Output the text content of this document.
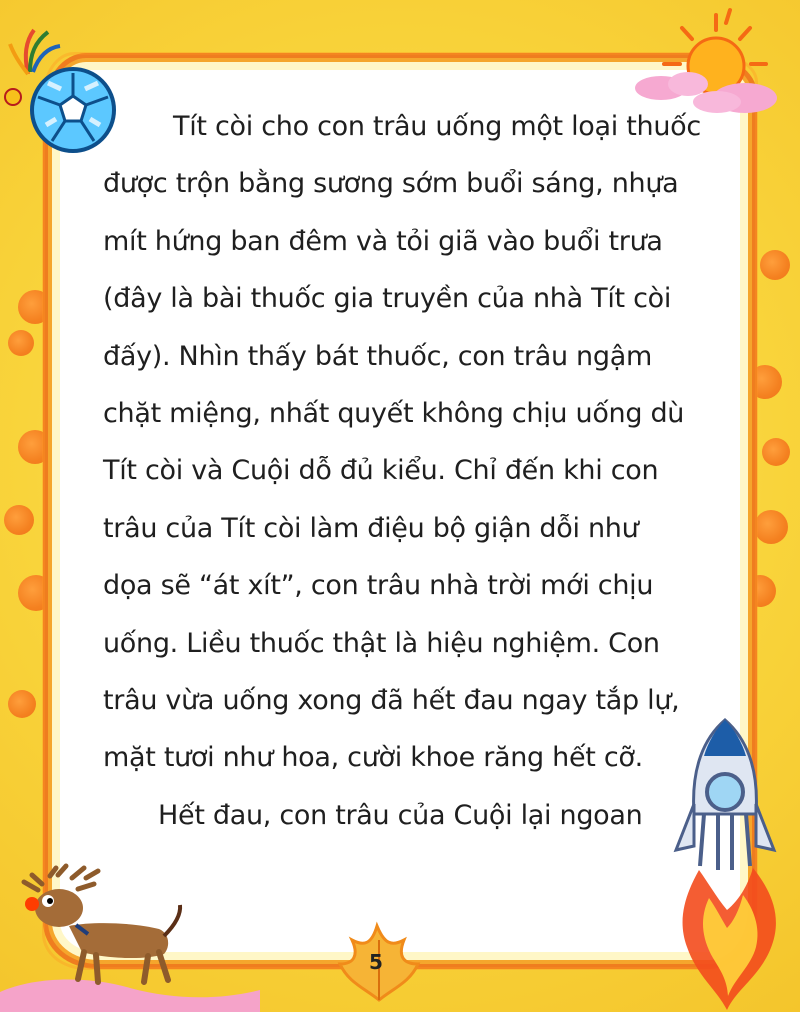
Tít còi cho con trâu uống một loại thuốc
được trộn bằng sương sớm buổi sáng, nhựa
mít hứng ban đêm và tỏi giã vào buổi trưa
(đây là bài thuốc gia truyền của nhà Tít còi
đấy). Nhìn thấy bát thuốc, con trâu ngậm
chặt miệng, nhất quyết không chịu uống dù
Tít còi và Cuội dỗ đủ kiểu. Chỉ đến khi con
trâu của Tít còi làm điệu bộ giận dỗi như
dọa sẽ “át xít”, con trâu nhà trời mới chịu
uống. Liều thuốc thật là hiệu nghiệm. Con
trâu vừa uống xong đã hết đau ngay tắp lự,
mặt tươi như hoa, cười khoe răng hết cỡ.
Hết đau, con trâu của Cuội lại ngoan
5
